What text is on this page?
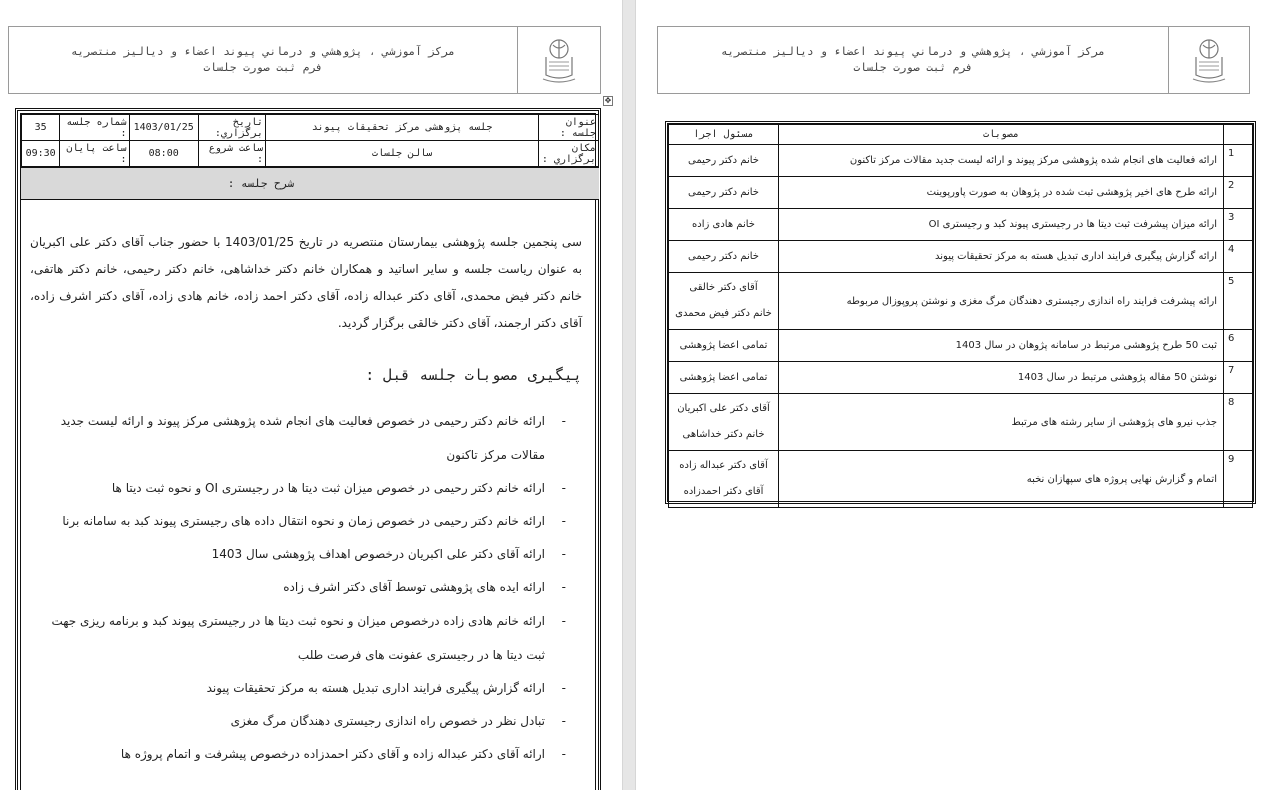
مرکز آموزشي ، پژوهشي و درماني پيوند اعضاء و دياليز منتصريه
فرم ثبت صورت جلسات
✥
عنوان جلسه :	جلسه پژوهشی مرکز تحقیقات پیوند	تاريخ برگزاري:	1403/01/25	شماره جلسه :	35
مكان برگزاري :	سالن جلسات	ساعت شروع :	08:00	ساعت پايان :	09:30
شرح جلسه :

سی پنجمین جلسه پژوهشی بیمارستان منتصریه در تاریخ 1403/01/25 با حضور جناب آقای دکتر علی اکبریان به عنوان ریاست جلسه و سایر اساتید و همکاران خانم دکتر خداشاهی، خانم دکتر رحیمی، خانم دکتر هاتفی، خانم دکتر فیض محمدی، آقای دکتر عبداله زاده، آقای دکتر احمد زاده، خانم هادی زاده، آقای دکتر اشرف زاده، آقای دکتر ارجمند، آقای دکتر خالقی برگزار گردید.

پیگیری مصوبات جلسه قبل :
- ارائه خانم دکتر رحیمی در خصوص فعالیت های انجام شده پژوهشی مرکز پیوند و ارائه لیست جدید مقالات مرکز تاکنون
- ارائه خانم دکتر رحیمی در خصوص میزان ثبت دیتا ها در رجیستری OI و نحوه ثبت دیتا ها
- ارائه خانم دکتر رحیمی در خصوص زمان و نحوه انتقال داده های رجیستری پیوند کبد به سامانه برنا
- ارائه آقای دکتر علی اکبریان درخصوص اهداف پژوهشی سال 1403
- ارائه ایده های پژوهشی توسط آقای دکتر اشرف زاده
- ارائه خانم هادی زاده درخصوص میزان و نحوه ثبت دیتا ها در رجیستری پیوند کبد و برنامه ریزی جهت ثبت دیتا ها در رجیستری عفونت های فرصت طلب
- ارائه گزارش پیگیری فرایند اداری تبدیل هسته به مرکز تحقیقات پیوند
- تبادل نظر در خصوص راه اندازی رجیستری دهندگان مرگ مغزی
- ارائه آقای دکتر عبداله زاده و آقای دکتر احمدزاده درخصوص پیشرفت و اتمام پروژه ها
مرکز آموزشي ، پژوهشي و درماني پيوند اعضاء و دياليز منتصريه
فرم ثبت صورت جلسات
	مصوبات	مسئول اجرا
1	ارائه فعالیت های انجام شده پژوهشی مرکز پیوند و ارائه لیست جدید مقالات مرکز تاکنون	خانم دکتر رحیمی

2	ارائه طرح های اخیر پژوهشی ثبت شده در پژوهان به صورت پاورپوینت	خانم دکتر رحیمی

3	ارائه میزان پیشرفت ثبت دیتا ها در رجیستری پیوند کبد و رجیستری OI	خانم هادی زاده

4	ارائه گزارش پیگیری فرایند اداری تبدیل هسته به مرکز تحقیقات پیوند	خانم دکتر رحیمی

5	ارائه پیشرفت فرایند راه اندازی رجیستری دهندگان مرگ مغزی و نوشتن پروپوزال مربوطه	آقای دکتر خالقی
خانم دکتر فیض محمدی

6	ثبت 50 طرح پژوهشی مرتبط در سامانه پژوهان در سال 1403	تمامی اعضا پژوهشی

7	نوشتن 50 مقاله پژوهشی مرتبط در سال 1403	تمامی اعضا پژوهشی

8	جذب نیرو های پژوهشی از سایر رشته های مرتبط	آقای دکتر علی اکبریان
خانم دکتر خداشاهی

9	اتمام و گزارش نهایی پروژه های سپهازان نخبه	آقای دکتر عبداله زاده
آقای دکتر احمدزاده
